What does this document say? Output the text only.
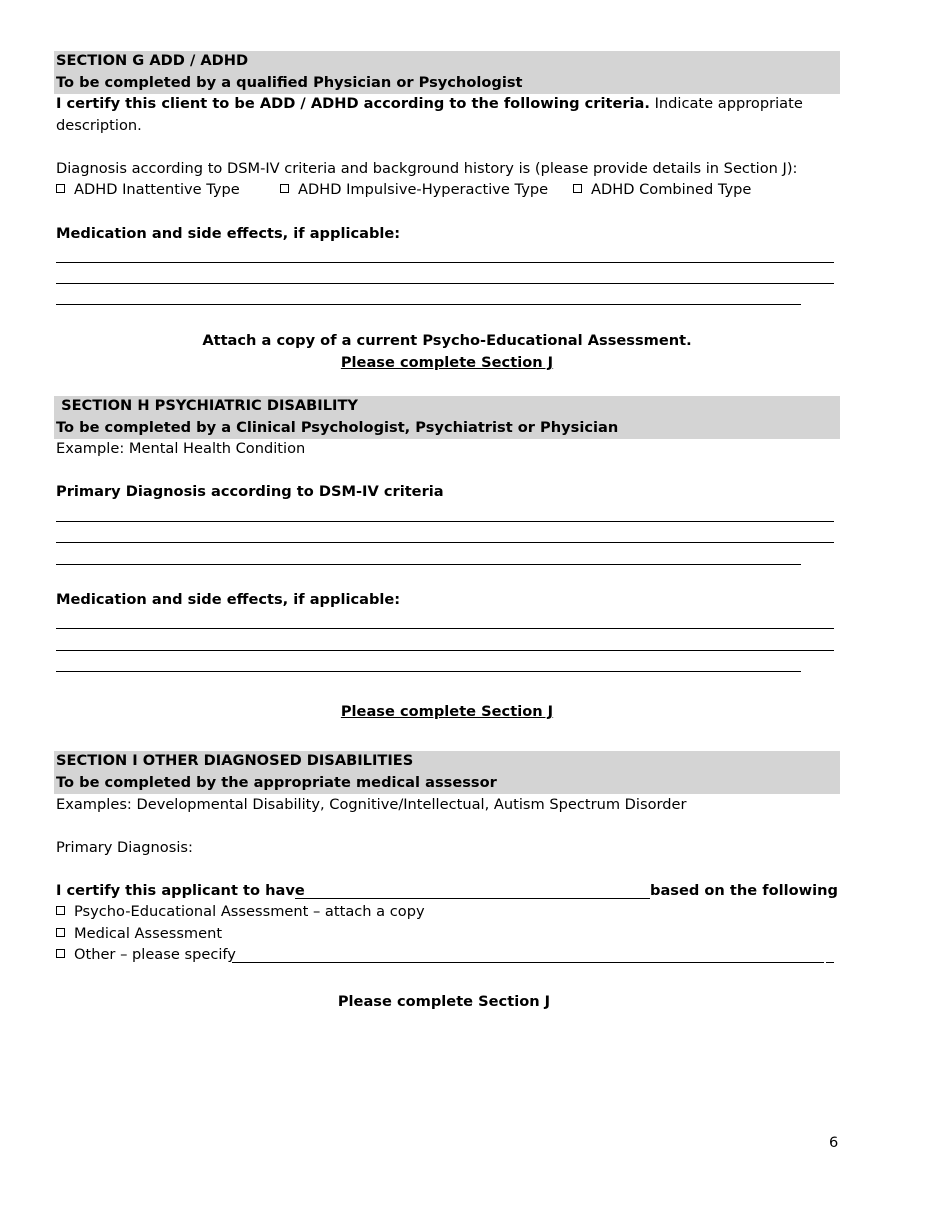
SECTION G ADD / ADHD
To be completed by a qualified Physician or Psychologist
I certify this client to be ADD / ADHD according to the following criteria. Indicate appropriate
description.
Diagnosis according to DSM-IV criteria and background history is (please provide details in Section J):
ADHD Inattentive Type	ADHD Impulsive-Hyperactive Type	ADHD Combined Type
Medication and side effects, if applicable:
Attach a copy of a current Psycho-Educational Assessment.
Please complete Section J
SECTION H PSYCHIATRIC DISABILITY
To be completed by a Clinical Psychologist, Psychiatrist or Physician
Example: Mental Health Condition
Primary Diagnosis according to DSM-IV criteria
Medication and side effects, if applicable:
Please complete Section J
SECTION I OTHER DIAGNOSED DISABILITIES
To be completed by the appropriate medical assessor
Examples: Developmental Disability, Cognitive/Intellectual, Autism Spectrum Disorder
Primary Diagnosis:
I certify this applicant to have	based on the following
Psycho-Educational Assessment – attach a copy
Medical Assessment
Other – please specify
Please complete Section J
6
